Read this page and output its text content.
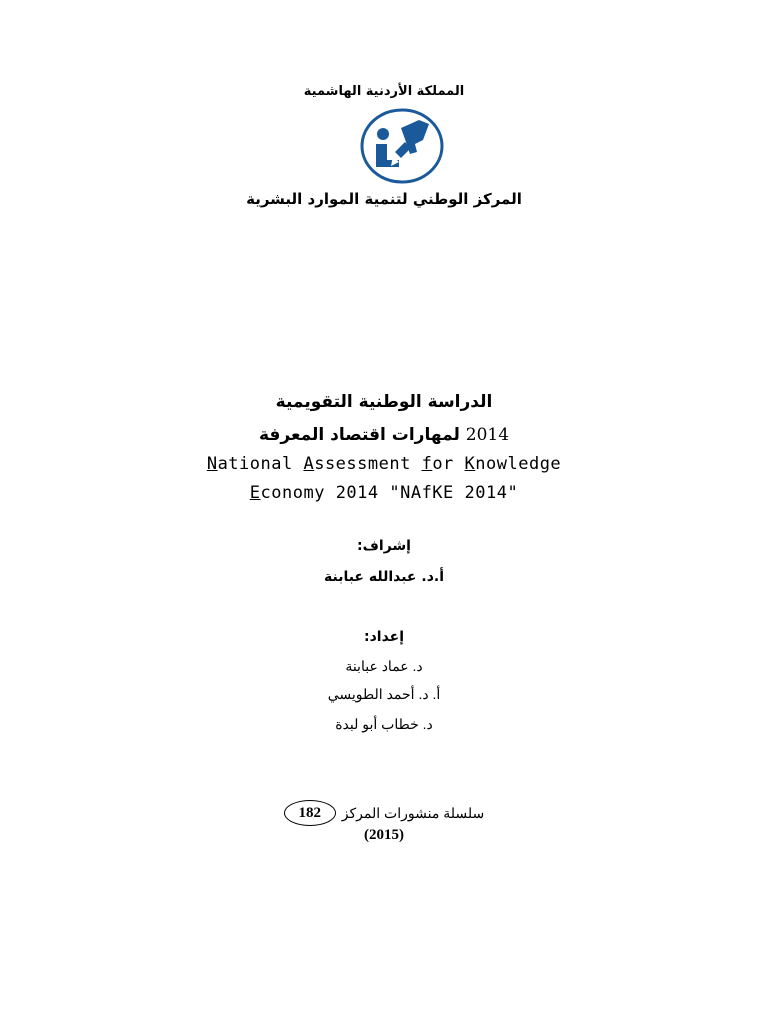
المملكة الأردنية الهاشمية
المركز الوطني لتنمية الموارد البشرية
الدراسة الوطنية التقويمية
لمهارات اقتصاد المعرفة 2014
National Assessment for Knowledge
Economy 2014 "NAfKE 2014"
إشراف:
أ.د. عبدالله عبابنة
إعداد:
د. عماد عبابنة
أ. د. أحمد الطويسي
د. خطاب أبو لبدة
سلسلة منشورات المركز
182
(2015)
